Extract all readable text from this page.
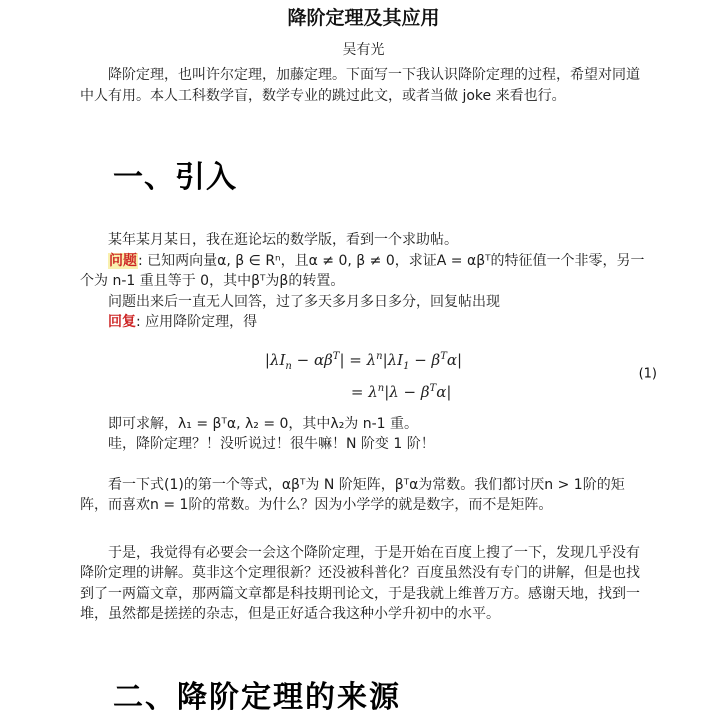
降阶定理及其应用
吴有光

降阶定理，也叫许尔定理，加藤定理。下面写一下我认识降阶定理的过程，希望对同道中人有用。本人工科数学盲，数学专业的跳过此文，或者当做 joke 来看也行。

一、引入

某年某月某日，我在逛论坛的数学版，看到一个求助帖。

问题: 已知两向量α, β ∈ Rⁿ，且α ≠ 0, β ≠ 0，求证A = αβᵀ的特征值一个非零，另一个为 n-1 重且等于 0，其中βᵀ为β的转置。

问题出来后一直无人回答，过了多天多月多日多分，回复帖出现

回复: 应用降阶定理，得

$|\lambda I_n - \alpha\beta^T| = \lambda^n|\lambda I_1 - \beta^T\alpha|$
= $\lambda^n|\lambda - \beta^T\alpha|$
(1)

即可求解，λ₁ = βᵀα, λ₂ = 0，其中λ₂为 n-1 重。

哇，降阶定理？！没听说过！很牛嘛！N 阶变 1 阶！

看一下式(1)的第一个等式，αβᵀ为 N 阶矩阵，βᵀα为常数。我们都讨厌n > 1阶的矩阵，而喜欢n = 1阶的常数。为什么？因为小学学的就是数字，而不是矩阵。

于是，我觉得有必要会一会这个降阶定理，于是开始在百度上搜了一下，发现几乎没有降阶定理的讲解。莫非这个定理很新？还没被科普化？百度虽然没有专门的讲解，但是也找到了一两篇文章，那两篇文章都是科技期刊论文，于是我就上维普万方。感谢天地，找到一堆，虽然都是搓搓的杂志，但是正好适合我这种小学升初中的水平。

二、降阶定理的来源
